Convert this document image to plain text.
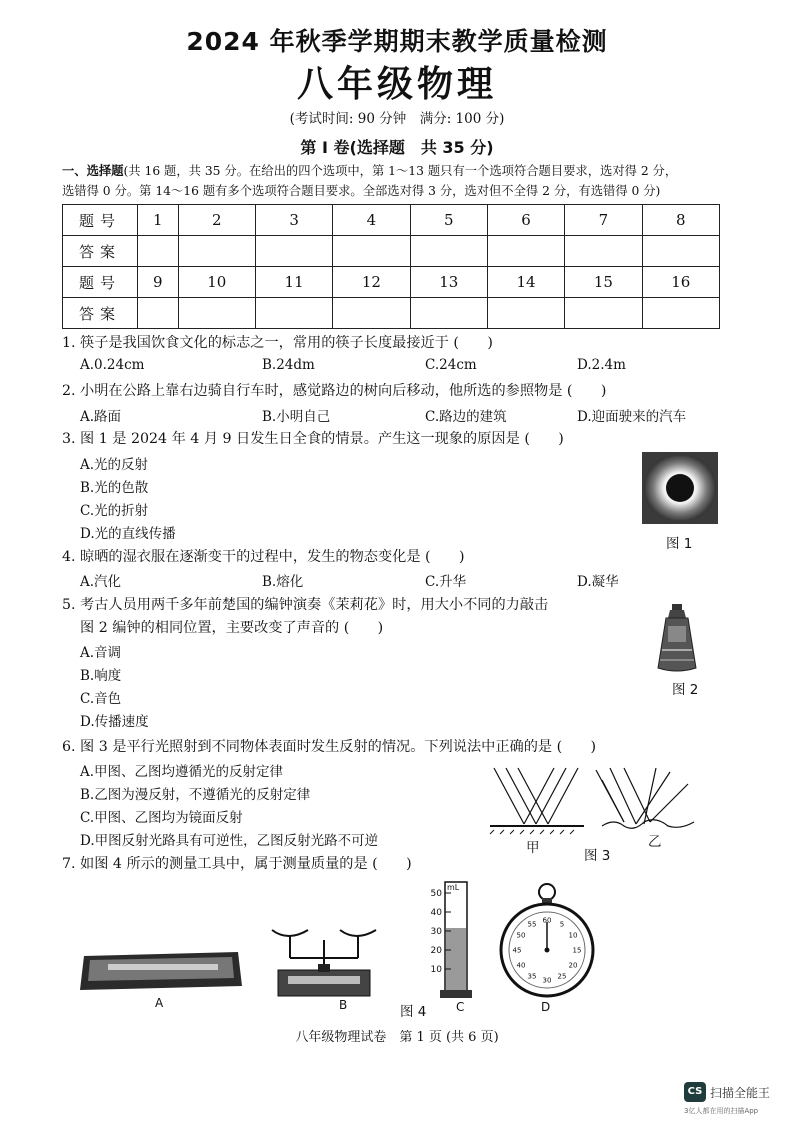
2024 年秋季学期期末教学质量检测
八年级物理
(考试时间: 90 分钟　满分: 100 分)
第 I 卷(选择题　共 35 分)
一、选择题(共 16 题，共 35 分。在给出的四个选项中，第 1～13 题只有一个选项符合题目要求，选对得 2 分，
选错得 0 分。第 14～16 题有多个选项符合题目要求。全部选对得 3 分，选对但不全得 2 分，有选错得 0 分)
题号	1	2	3	4	5	6	7	8
答案								
题号	9	10	11	12	13	14	15	16
答案								
1. 筷子是我国饮食文化的标志之一，常用的筷子长度最接近于 (　　)
A.0.24cm	B.24dm	C.24cm	D.2.4m
2. 小明在公路上靠右边骑自行车时，感觉路边的树向后移动，他所选的参照物是 (　　)
A.路面	B.小明自己	C.路边的建筑	D.迎面驶来的汽车
3. 图 1 是 2024 年 4 月 9 日发生日全食的情景。产生这一现象的原因是 (　　)
A.光的反射
B.光的色散
C.光的折射
D.光的直线传播
图 1
4. 晾晒的湿衣服在逐渐变干的过程中，发生的物态变化是 (　　)
A.汽化	B.熔化	C.升华	D.凝华
5. 考古人员用两千多年前楚国的编钟演奏《茉莉花》时，用大小不同的力敲击
图 2 编钟的相同位置，主要改变了声音的 (　　)
A.音调
B.响度
C.音色
D.传播速度
图 2
6. 图 3 是平行光照射到不同物体表面时发生反射的情况。下列说法中正确的是 (　　)
A.甲图、乙图均遵循光的反射定律
B.乙图为漫反射，不遵循光的反射定律
C.甲图、乙图均为镜面反射
D.甲图反射光路具有可逆性，乙图反射光路不可逆	甲	图 3
乙
7. 如图 4 所示的测量工具中，属于测量质量的是 (　　)
A	B
mL
50
40
30
20
10
图 4 C
60 5
10
15
20
25
30
35
40
45
50
55
D
八年级物理试卷　第 1 页 (共 6 页)
CS 扫描全能王
3亿人都在用的扫描App
